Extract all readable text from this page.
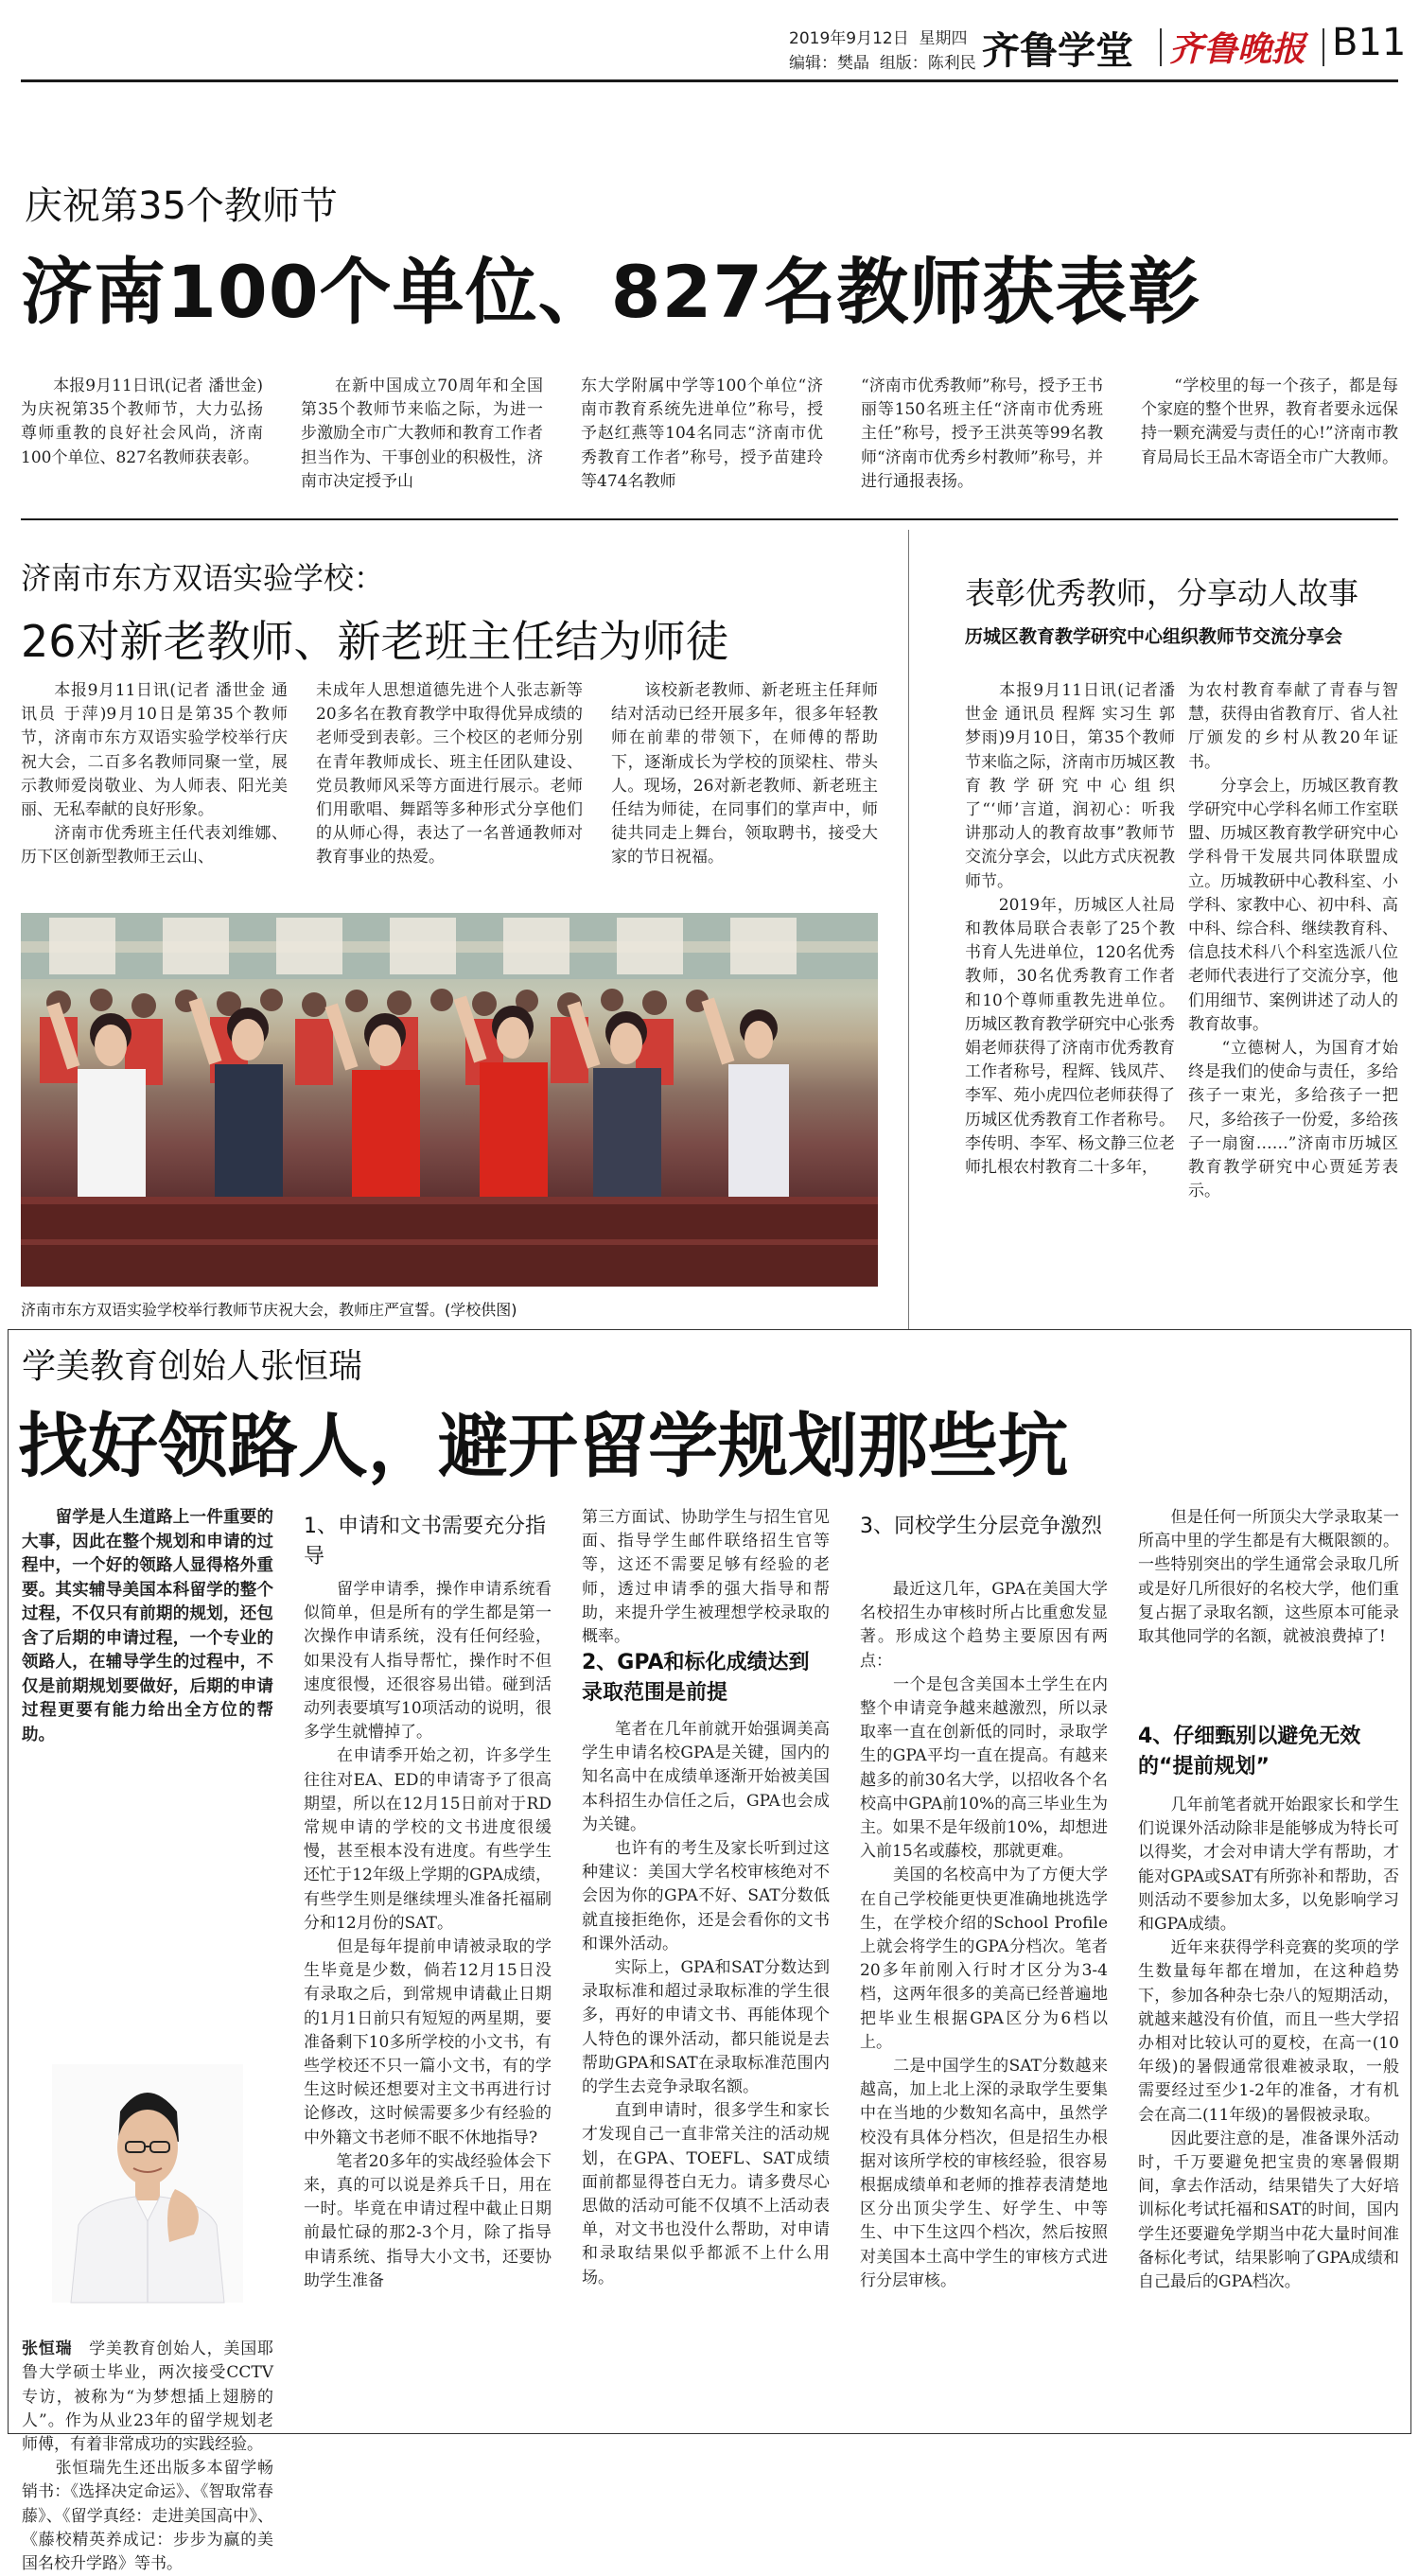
2019年9月12日 星期四
编辑：樊晶 组版：陈利民 齐鲁学堂 齐鲁晚报 B11
庆祝第35个教师节
济南100个单位、827名教师获表彰
　　本报9月11日讯(记者 潘世金)为庆祝第35个教师节，大力弘扬尊师重教的良好社会风尚，济南100个单位、827名教师获表彰。
　　在新中国成立70周年和全国第35个教师节来临之际，为进一步激励全市广大教师和教育工作者担当作为、干事创业的积极性，济南市决定授予山
东大学附属中学等100个单位“济南市教育系统先进单位”称号，授予赵红燕等104名同志“济南市优秀教育工作者”称号，授予苗建玲等474名教师
“济南市优秀教师”称号，授予王书丽等150名班主任“济南市优秀班主任”称号，授予王洪英等99名教师“济南市优秀乡村教师”称号，并进行通报表扬。
　　“学校里的每一个孩子，都是每个家庭的整个世界，教育者要永远保持一颗充满爱与责任的心!”济南市教育局局长王品木寄语全市广大教师。
济南市东方双语实验学校：
26对新老教师、新老班主任结为师徒
　　本报9月11日讯(记者 潘世金 通讯员 于萍)9月10日是第35个教师节，济南市东方双语实验学校举行庆祝大会，二百多名教师同聚一堂，展示教师爱岗敬业、为人师表、阳光美丽、无私奉献的良好形象。
　　济南市优秀班主任代表刘维娜、历下区创新型教师王云山、
未成年人思想道德先进个人张志新等20多名在教育教学中取得优异成绩的老师受到表彰。三个校区的老师分别在青年教师成长、班主任团队建设、党员教师风采等方面进行展示。老师们用歌唱、舞蹈等多种形式分享他们的从师心得，表达了一名普通教师对教育事业的热爱。
　　该校新老教师、新老班主任拜师结对活动已经开展多年，很多年轻教师在前辈的带领下，在师傅的帮助下，逐渐成长为学校的顶梁柱、带头人。现场，26对新老教师、新老班主任结为师徒，在同事们的掌声中，师徒共同走上舞台，领取聘书，接受大家的节日祝福。
济南市东方双语实验学校举行教师节庆祝大会，教师庄严宣誓。(学校供图)
表彰优秀教师，分享动人故事
历城区教育教学研究中心组织教师节交流分享会
　　本报9月11日讯(记者潘世金 通讯员 程辉 实习生 郭梦雨)9月10日，第35个教师节来临之际，济南市历城区教育教学研究中心组织了“‘师’言道，润初心：听我讲那动人的教育故事”教师节交流分享会，以此方式庆祝教师节。
　　2019年，历城区人社局和教体局联合表彰了25个教书育人先进单位，120名优秀教师，30名优秀教育工作者和10个尊师重教先进单位。历城区教育教学研究中心张秀娟老师获得了济南市优秀教育工作者称号，程辉、钱凤芹、李军、苑小虎四位老师获得了历城区优秀教育工作者称号。李传明、李军、杨文静三位老师扎根农村教育二十多年，
为农村教育奉献了青春与智慧，获得由省教育厅、省人社厅颁发的乡村从教20年证书。
　　分享会上，历城区教育教学研究中心学科名师工作室联盟、历城区教育教学研究中心学科骨干发展共同体联盟成立。历城教研中心教科室、小学科、家教中心、初中科、高中科、综合科、继续教育科、信息技术科八个科室选派八位老师代表进行了交流分享，他们用细节、案例讲述了动人的教育故事。
　　“立德树人，为国育才始终是我们的使命与责任，多给孩子一束光，多给孩子一把尺，多给孩子一份爱，多给孩子一扇窗……”济南市历城区教育教学研究中心贾延芳表示。
学美教育创始人张恒瑞
找好领路人，避开留学规划那些坑
　　留学是人生道路上一件重要的大事，因此在整个规划和申请的过程中，一个好的领路人显得格外重要。其实辅导美国本科留学的整个过程，不仅只有前期的规划，还包含了后期的申请过程，一个专业的领路人，在辅导学生的过程中，不仅是前期规划要做好，后期的申请过程更要有能力给出全方位的帮助。

张恒瑞　学美教育创始人，美国耶鲁大学硕士毕业，两次接受CCTV专访，被称为“为梦想插上翅膀的人”。作为从业23年的留学规划老师傅，有着非常成功的实践经验。
　　张恒瑞先生还出版多本留学畅销书：《选择决定命运》、《智取常春藤》、《留学真经：走进美国高中》、《藤校精英养成记：步步为赢的美国名校升学路》等书。

1、申请和文书需要充分指导
　　留学申请季，操作申请系统看似简单，但是所有的学生都是第一次操作申请系统，没有任何经验，如果没有人指导帮忙，操作时不但速度很慢，还很容易出错。碰到活动列表要填写10项活动的说明，很多学生就懵掉了。
　　在申请季开始之初，许多学生往往对EA、ED的申请寄予了很高期望，所以在12月15日前对于RD常规申请的学校的文书进度很缓慢，甚至根本没有进度。有些学生还忙于12年级上学期的GPA成绩，有些学生则是继续埋头准备托福刷分和12月份的SAT。
　　但是每年提前申请被录取的学生毕竟是少数，倘若12月15日没有录取之后，到常规申请截止日期的1月1日前只有短短的两星期，要准备剩下10多所学校的小文书，有些学校还不只一篇小文书，有的学生这时候还想要对主文书再进行讨论修改，这时候需要多少有经验的中外籍文书老师不眠不休地指导?
　　笔者20多年的实战经验体会下来，真的可以说是养兵千日，用在一时。毕竟在申请过程中截止日期前最忙碌的那2-3个月，除了指导申请系统、指导大小文书，还要协助学生准备
第三方面试、协助学生与招生官见面、指导学生邮件联络招生官等等，这还不需要足够有经验的老师，透过申请季的强大指导和帮助，来提升学生被理想学校录取的概率。
2、GPA和标化成绩达到录取范围是前提
　　笔者在几年前就开始强调美高学生申请名校GPA是关键，国内的知名高中在成绩单逐渐开始被美国本科招生办信任之后，GPA也会成为关键。
　　也许有的考生及家长听到过这种建议：美国大学名校审核绝对不会因为你的GPA不好、SAT分数低就直接拒绝你，还是会看你的文书和课外活动。
　　实际上，GPA和SAT分数达到录取标准和超过录取标准的学生很多，再好的申请文书、再能体现个人特色的课外活动，都只能说是去帮助GPA和SAT在录取标准范围内的学生去竞争录取名额。
　　直到申请时，很多学生和家长才发现自己一直非常关注的活动规划，在GPA、TOEFL、SAT成绩面前都显得苍白无力。请多费尽心思做的活动可能不仅填不上活动表单，对文书也没什么帮助，对申请和录取结果似乎都派不上什么用场。
3、同校学生分层竞争激烈
　　最近这几年，GPA在美国大学名校招生办审核时所占比重愈发显著。形成这个趋势主要原因有两点：
　　一个是包含美国本土学生在内整个申请竞争越来越激烈，所以录取率一直在创新低的同时，录取学生的GPA平均一直在提高。有越来越多的前30名大学，以招收各个名校高中GPA前10%的高三毕业生为主。如果不是年级前10%，却想进入前15名或藤校，那就更难。
　　美国的名校高中为了方便大学在自己学校能更快更准确地挑选学生，在学校介绍的School Profile上就会将学生的GPA分档次。笔者20多年前刚入行时才区分为3-4档，这两年很多的美高已经普遍地把毕业生根据GPA区分为6档以上。
　　二是中国学生的SAT分数越来越高，加上北上深的录取学生要集中在当地的少数知名高中，虽然学校没有具体分档次，但是招生办根据对该所学校的审核经验，很容易根据成绩单和老师的推荐表清楚地区分出顶尖学生、好学生、中等生、中下生这四个档次，然后按照对美国本土高中学生的审核方式进行分层审核。
　　但是任何一所顶尖大学录取某一所高中里的学生都是有大概限额的。一些特别突出的学生通常会录取几所或是好几所很好的名校大学，他们重复占据了录取名额，这些原本可能录取其他同学的名额，就被浪费掉了!
4、仔细甄别以避免无效的“提前规划”
　　几年前笔者就开始跟家长和学生们说课外活动除非是能够成为特长可以得奖，才会对申请大学有帮助，才能对GPA或SAT有所弥补和帮助，否则活动不要参加太多，以免影响学习和GPA成绩。
　　近年来获得学科竞赛的奖项的学生数量每年都在增加，在这种趋势下，参加各种杂七杂八的短期活动，就越来越没有价值，而且一些大学招办相对比较认可的夏校，在高一(10年级)的暑假通常很难被录取，一般需要经过至少1-2年的准备，才有机会在高二(11年级)的暑假被录取。
　　因此要注意的是，准备课外活动时，千万要避免把宝贵的寒暑假期间，拿去作活动，结果错失了大好培训标化考试托福和SAT的时间，国内学生还要避免学期当中花大量时间准备标化考试，结果影响了GPA成绩和自己最后的GPA档次。
